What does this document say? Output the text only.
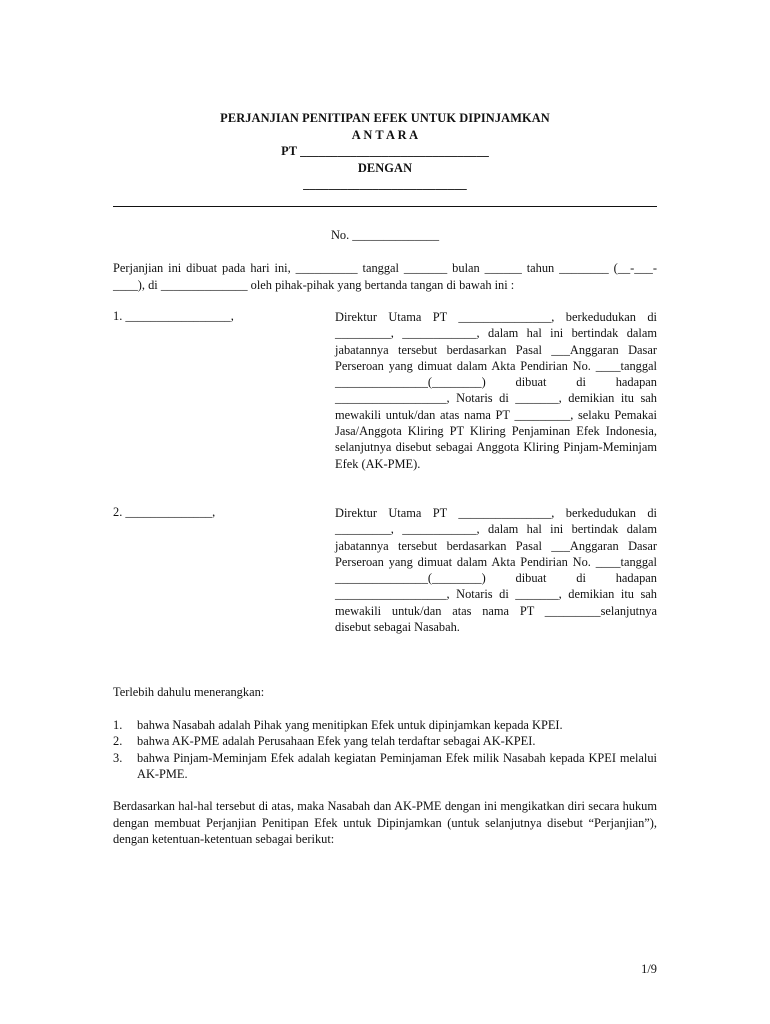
PERJANJIAN PENITIPAN EFEK UNTUK DIPINJAMKAN
A N T A R A
PT ______________________________
DENGAN
__________________________
No. ______________
Perjanjian ini dibuat pada hari ini, __________ tanggal _______ bulan ______ tahun ________ (__-___-____), di ______________ oleh pihak-pihak yang bertanda tangan di bawah ini :
1. _________________,	Direktur Utama PT _______________, berkedudukan di _________, ____________, dalam hal ini bertindak dalam jabatannya tersebut berdasarkan Pasal ___Anggaran Dasar Perseroan yang dimuat dalam Akta Pendirian No. ____tanggal _______________(________) dibuat di hadapan __________________, Notaris di _______, demikian itu sah mewakili untuk/dan atas nama PT _________, selaku Pemakai Jasa/Anggota Kliring PT Kliring Penjaminan Efek Indonesia, selanjutnya disebut sebagai Anggota Kliring Pinjam-Meminjam Efek (AK-PME).
2. ______________,	Direktur Utama PT _______________, berkedudukan di _________, ____________, dalam hal ini bertindak dalam jabatannya tersebut berdasarkan Pasal ___Anggaran Dasar Perseroan yang dimuat dalam Akta Pendirian No. ____tanggal _______________(________) dibuat di hadapan __________________, Notaris di _______, demikian itu sah mewakili untuk/dan atas nama PT _________selanjutnya disebut sebagai Nasabah.
Terlebih dahulu menerangkan:
1. bahwa Nasabah adalah Pihak yang menitipkan Efek untuk dipinjamkan kepada KPEI.
2. bahwa AK-PME adalah Perusahaan Efek yang telah terdaftar sebagai AK-KPEI.
3. bahwa Pinjam-Meminjam Efek adalah kegiatan Peminjaman Efek milik Nasabah kepada KPEI melalui AK-PME.
Berdasarkan hal-hal tersebut di atas, maka Nasabah dan AK-PME dengan ini mengikatkan diri secara hukum dengan membuat Perjanjian Penitipan Efek untuk Dipinjamkan (untuk selanjutnya disebut “Perjanjian”), dengan ketentuan-ketentuan sebagai berikut:
1/9
